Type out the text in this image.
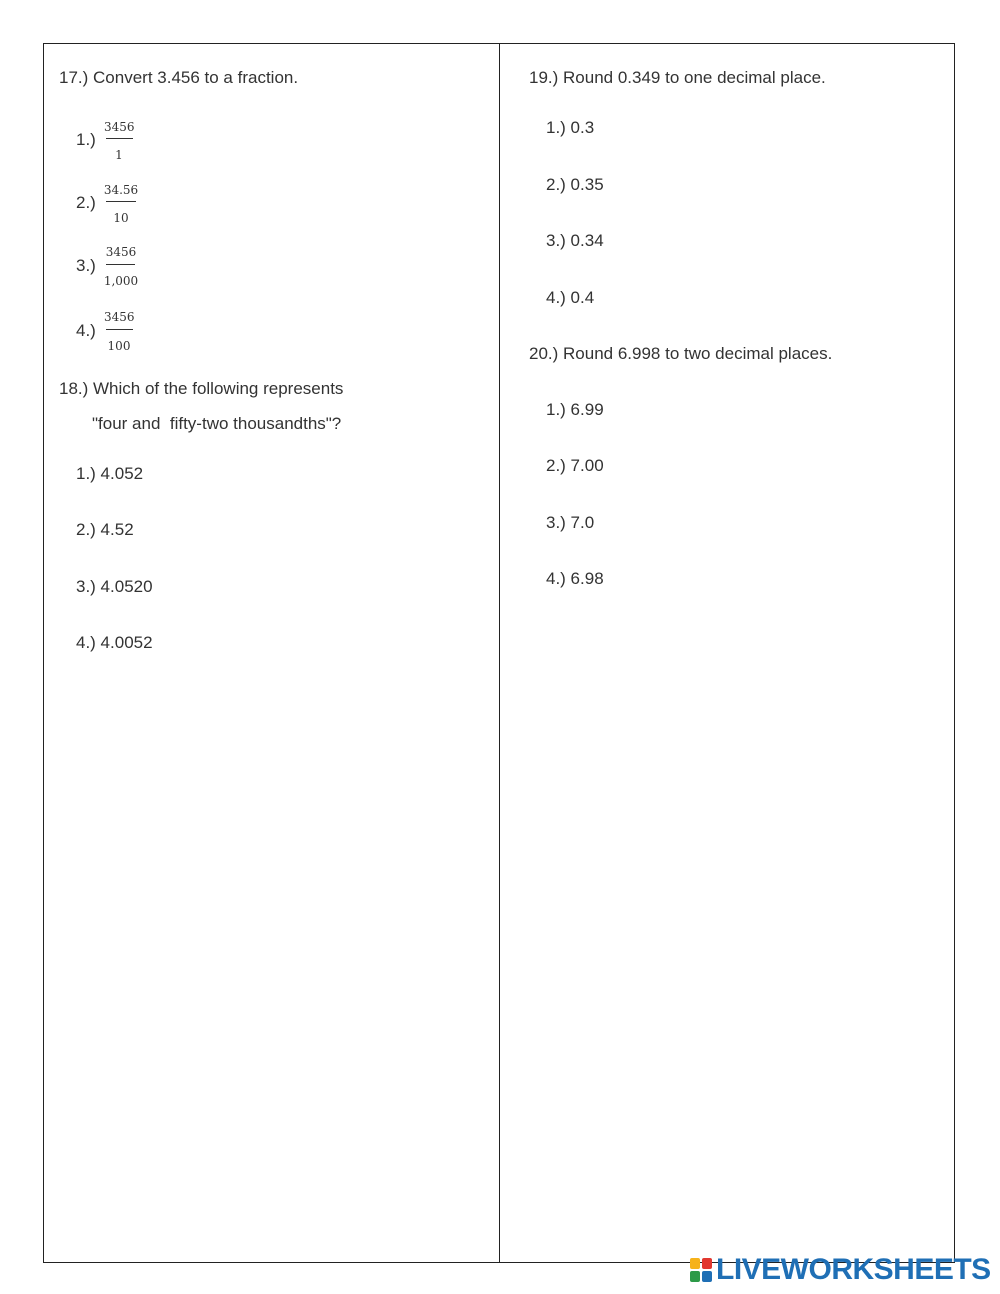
17.) Convert 3.456 to a fraction.
1.)
3456
1
2.)
34.56
10
3.)
3456
1,000
4.)
3456
100
18.) Which of the following represents
"four and  fifty-two thousandths"?
1.) 4.052
2.) 4.52
3.) 4.0520
4.) 4.0052
19.) Round 0.349 to one decimal place.
1.) 0.3
2.) 0.35
3.) 0.34
4.) 0.4
20.) Round 6.998 to two decimal places.
1.) 6.99
2.) 7.00
3.) 7.0
4.) 6.98
LIVEWORKSHEETS
